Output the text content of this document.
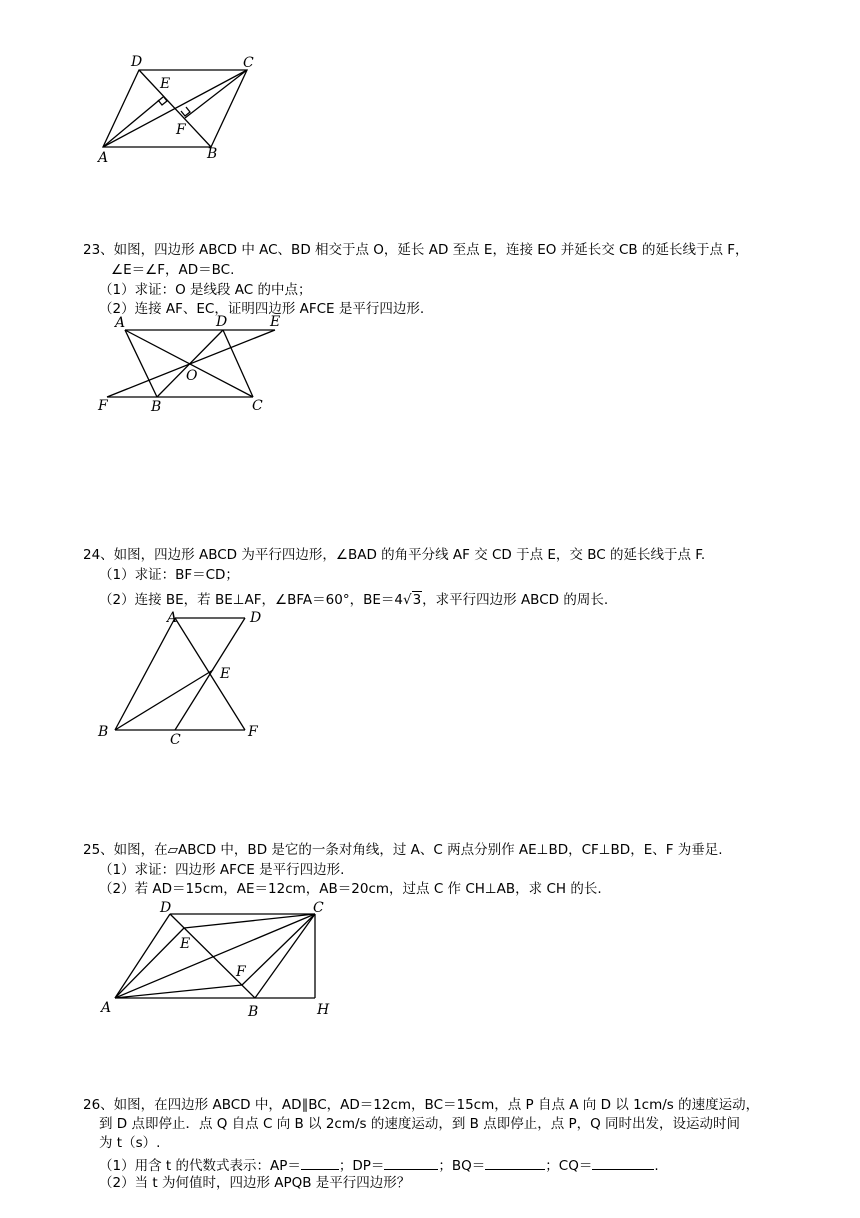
D	C
E
F
A	B
23、如图，四边形 ABCD 中 AC、BD 相交于点 O，延长 AD 至点 E，连接 EO 并延长交 CB 的延长线于点 F，
∠E＝∠F，AD＝BC.
（1）求证：O 是线段 AC 的中点；
（2）连接 AF、EC，证明四边形 AFCE 是平行四边形.
A	D	E
O
F	B	C
24、如图，四边形 ABCD 为平行四边形，∠BAD 的角平分线 AF 交 CD 于点 E，交 BC 的延长线于点 F.
（1）求证：BF＝CD；
（2）连接 BE，若 BE⊥AF，∠BFA＝60°，BE＝4√3，求平行四边形 ABCD 的周长.
A	D
E
B	C	F
25、如图，在▱ABCD 中，BD 是它的一条对角线，过 A、C 两点分别作 AE⊥BD，CF⊥BD，E、F 为垂足.
（1）求证：四边形 AFCE 是平行四边形.
（2）若 AD＝15cm，AE＝12cm，AB＝20cm，过点 C 作 CH⊥AB，求 CH 的长.
D	C
E
F
A	B	H
26、如图，在四边形 ABCD 中，AD∥BC，AD＝12cm，BC＝15cm，点 P 自点 A 向 D 以 1cm/s 的速度运动，
到 D 点即停止．点 Q 自点 C 向 B 以 2cm/s 的速度运动，到 B 点即停止，点 P，Q 同时出发，设运动时间
为 t（s）.
（1）用含 t 的代数式表示：AP＝	；DP＝	；BQ＝	；CQ＝	.
（2）当 t 为何值时，四边形 APQB 是平行四边形？
